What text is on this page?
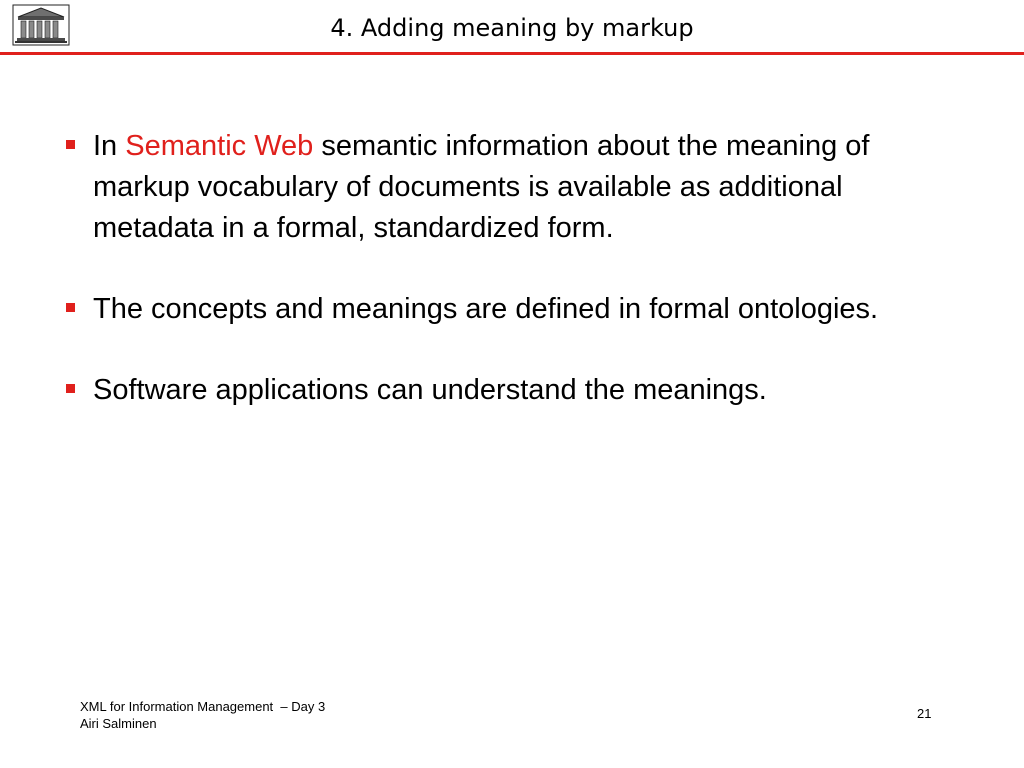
4. Adding meaning by markup
In Semantic Web semantic information about the meaning of markup vocabulary of documents is available as additional metadata in a formal, standardized form.
The concepts and meanings are defined in formal ontologies.
Software applications can understand the meanings.
XML for Information Management  – Day 3
Airi Salminen
21
